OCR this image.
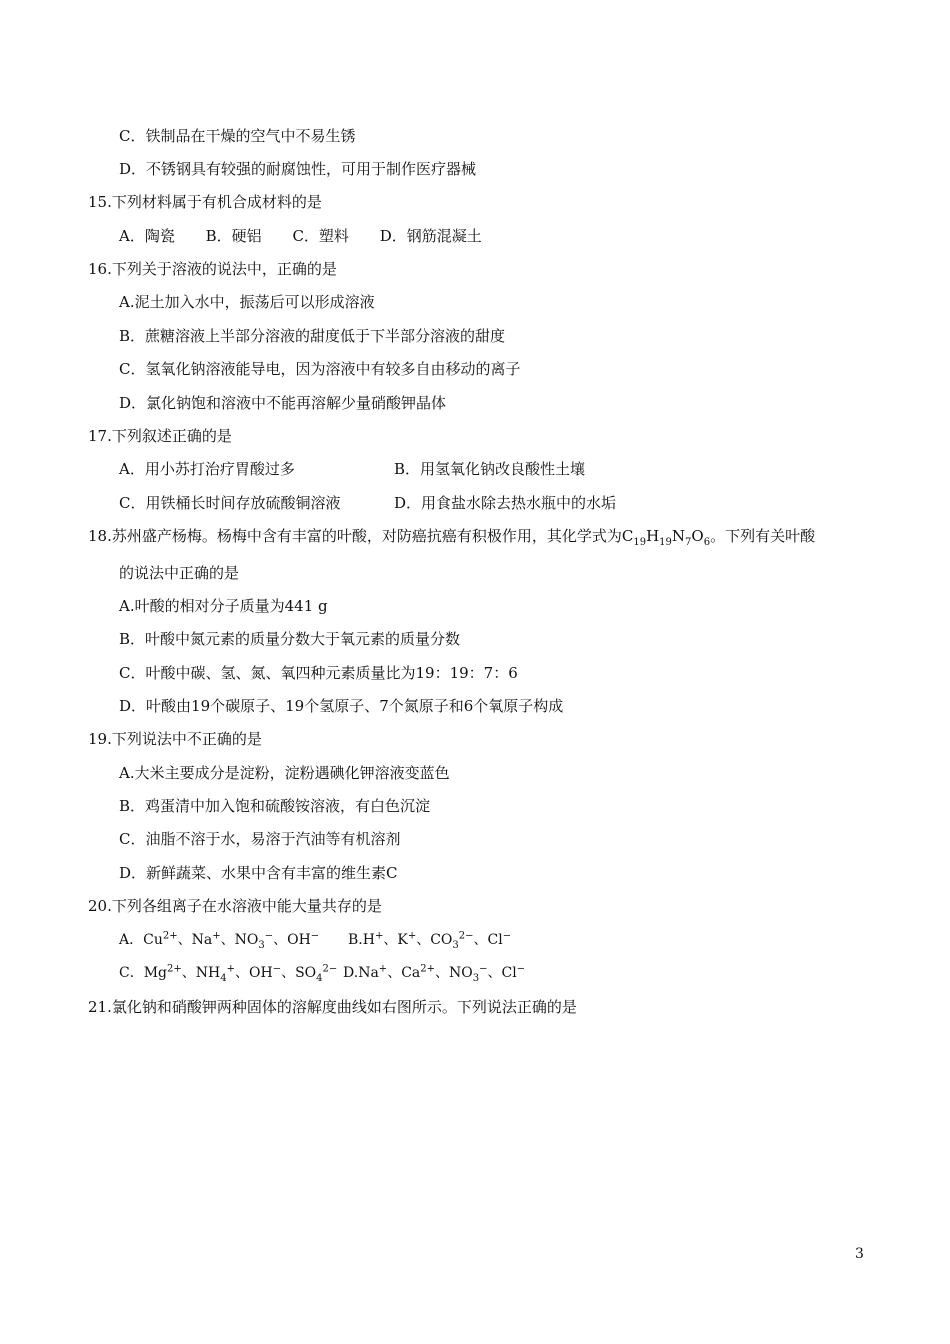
C．铁制品在干燥的空气中不易生锈
D．不锈钢具有较强的耐腐蚀性，可用于制作医疗器械
15.下列材料属于有机合成材料的是
A．陶瓷 B．硬铝 C．塑料 D．钢筋混凝土
16.下列关于溶液的说法中，正确的是
A.泥土加入水中，振荡后可以形成溶液
B．蔗糖溶液上半部分溶液的甜度低于下半部分溶液的甜度
C．氢氧化钠溶液能导电，因为溶液中有较多自由移动的离子
D．氯化钠饱和溶液中不能再溶解少量硝酸钾晶体
17.下列叙述正确的是
A．用小苏打治疗胃酸过多	B．用氢氧化钠改良酸性土壤
C．用铁桶长时间存放硫酸铜溶液	D．用食盐水除去热水瓶中的水垢
18.苏州盛产杨梅。杨梅中含有丰富的叶酸，对防癌抗癌有积极作用，其化学式为$C_{19}H_{19}N_7O_6$。下列有关叶酸
的说法中正确的是
A.叶酸的相对分子质量为441 g
B．叶酸中氮元素的质量分数大于氧元素的质量分数
C．叶酸中碳、氢、氮、氧四种元素质量比为19：19：7：6
D．叶酸由19个碳原子、19个氢原子、7个氮原子和6个氧原子构成
19.下列说法中不正确的是
A.大米主要成分是淀粉，淀粉遇碘化钾溶液变蓝色
B．鸡蛋清中加入饱和硫酸铵溶液，有白色沉淀
C．油脂不溶于水，易溶于汽油等有机溶剂
D．新鲜蔬菜、水果中含有丰富的维生素C
20.下列各组离子在水溶液中能大量共存的是
A．$Cu^{2+}$、Na+、$NO_3^-$、OH− B.H+、K+、$CO_3^{2-}$、Cl−
C．$Mg^{2+}$、$NH_4^+$、OH−、$SO_4^{2-}$ D.Na+、$Ca^{2+}$、$NO_3^-$、Cl−
21.氯化钠和硝酸钾两种固体的溶解度曲线如右图所示。下列说法正确的是
3
